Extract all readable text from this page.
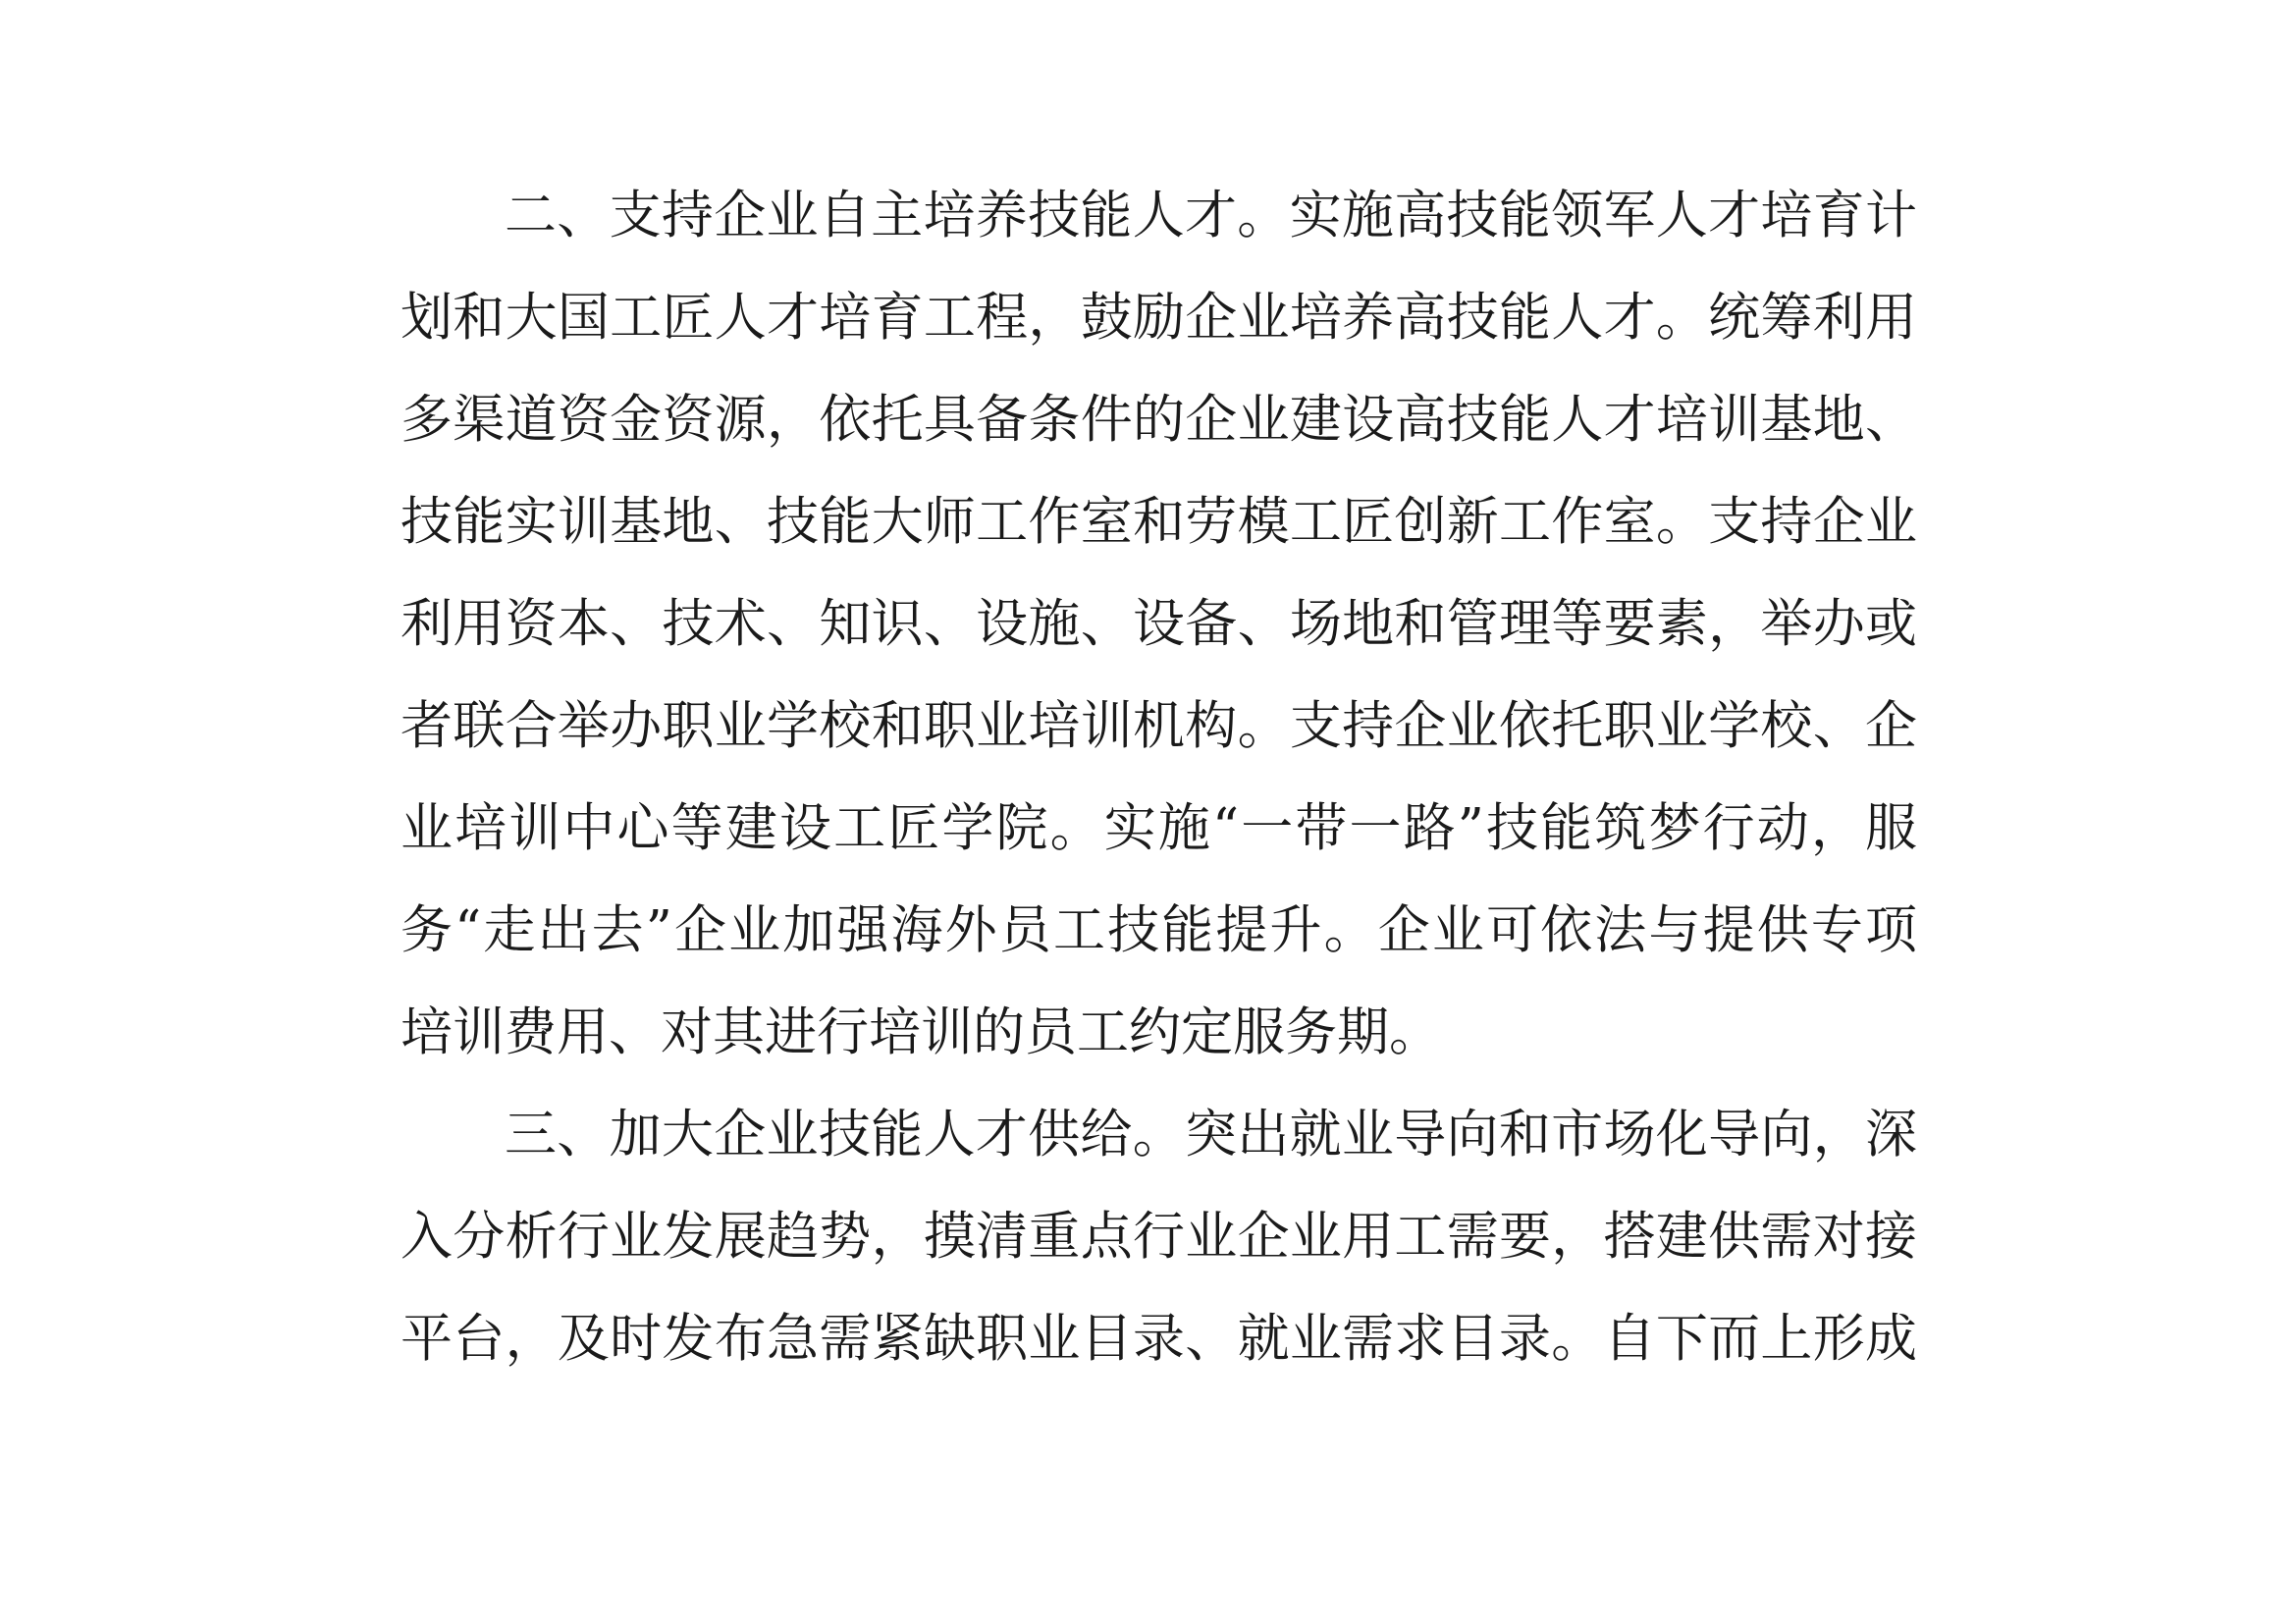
二、支持企业自主培养技能人才。实施高技能领军人才培育计
划和大国工匠人才培育工程，鼓励企业培养高技能人才。统筹利用
多渠道资金资源，依托具备条件的企业建设高技能人才培训基地、
技能实训基地、技能大师工作室和劳模工匠创新工作室。支持企业
利用资本、技术、知识、设施、设备、场地和管理等要素，举办或
者联合举办职业学校和职业培训机构。支持企业依托职业学校、企
业培训中心等建设工匠学院。实施“一带一路”技能筑梦行动，服
务“走出去”企业加强海外员工技能提升。企业可依法与提供专项
培训费用、对其进行培训的员工约定服务期。
三、加大企业技能人才供给。突出就业导向和市场化导向，深
入分析行业发展趋势，摸清重点行业企业用工需要，搭建供需对接
平台，及时发布急需紧缺职业目录、就业需求目录。自下而上形成
